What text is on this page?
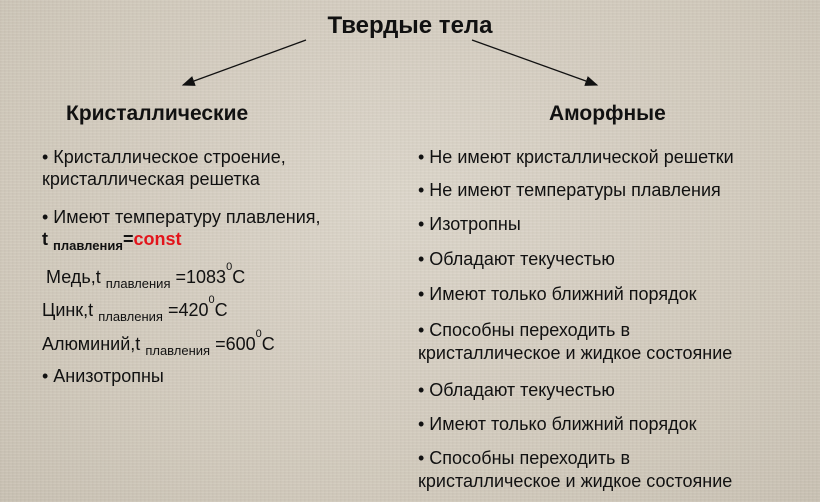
Твердые тела
Кристаллические	Аморфные
• Кристаллическое строение,
кристаллическая решетка
• Имеют температуру плавления,
t $_{плавления}$=const
Медь,t $_{плавления} =1083^0С$
Цинк,t $_{плавления} =420^0С$
Алюминий,t $_{плавления} =600^0С$
• Анизотропны
• Не имеют кристаллической решетки
• Не имеют температуры плавления
• Изотропны
• Обладают текучестью
• Имеют только ближний порядок
• Способны переходить в
кристаллическое и жидкое состояние
• Обладают текучестью
• Имеют только ближний порядок
• Способны переходить в
кристаллическое и жидкое состояние
